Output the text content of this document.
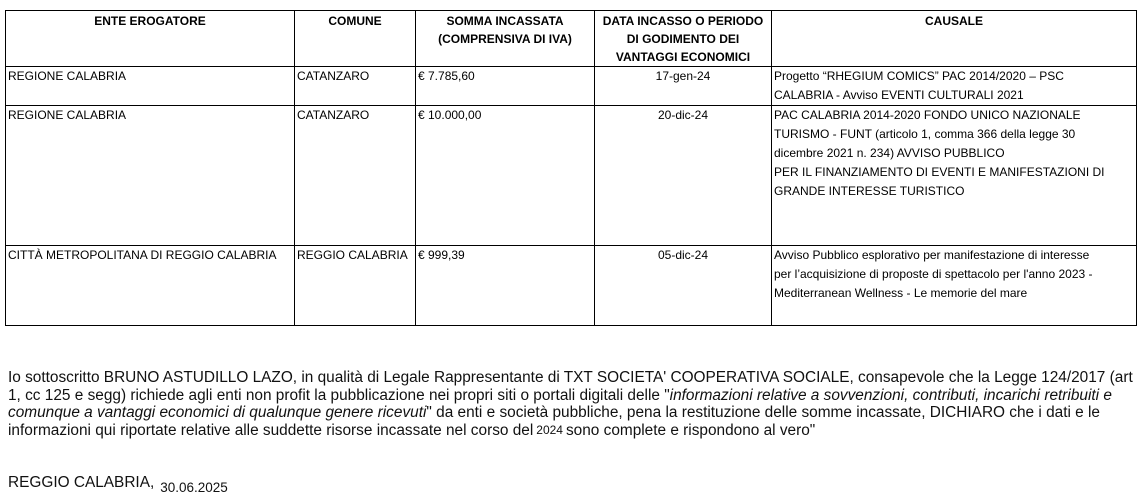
ENTE EROGATORE	COMUNE	SOMMA INCASSATA (COMPRENSIVA DI IVA)	DATA INCASSO O PERIODO DI GODIMENTO DEI VANTAGGI ECONOMICI	CAUSALE
REGIONE CALABRIA	CATANZARO	€ 7.785,60	17-gen-24	Progetto “RHEGIUM COMICS” PAC 2014/2020 – PSC
CALABRIA - Avviso EVENTI CULTURALI 2021

REGIONE CALABRIA	CATANZARO	€ 10.000,00	20-dic-24	PAC CALABRIA 2014-2020 FONDO UNICO NAZIONALE
TURISMO - FUNT (articolo 1, comma 366 della legge 30
dicembre 2021 n. 234) AVVISO PUBBLICO
PER IL FINANZIAMENTO DI EVENTI E MANIFESTAZIONI DI
GRANDE INTERESSE TURISTICO

CITTÀ METROPOLITANA DI REGGIO CALABRIA	REGGIO CALABRIA	€ 999,39	05-dic-24	Avviso Pubblico esplorativo per manifestazione di interesse
per l’acquisizione di proposte di spettacolo per l'anno 2023 -
Mediterranean Wellness - Le memorie del mare
Io sottoscritto BRUNO ASTUDILLO LAZO, in qualità di Legale Rappresentante di TXT SOCIETA' COOPERATIVA SOCIALE, consapevole che la Legge 124/2017 (art 1, cc 125 e segg) richiede agli enti non profit la pubblicazione nei propri siti o portali digitali delle "informazioni relative a sovvenzioni, contributi, incarichi retribuiti e comunque a vantaggi economici di qualunque genere ricevuti" da enti e società pubbliche, pena la restituzione delle somme incassate, DICHIARO che i dati e le informazioni qui riportate relative alle suddette risorse incassate nel corso del 2024 sono complete e rispondono al vero"
REGGIO CALABRIA, 30.06.2025
